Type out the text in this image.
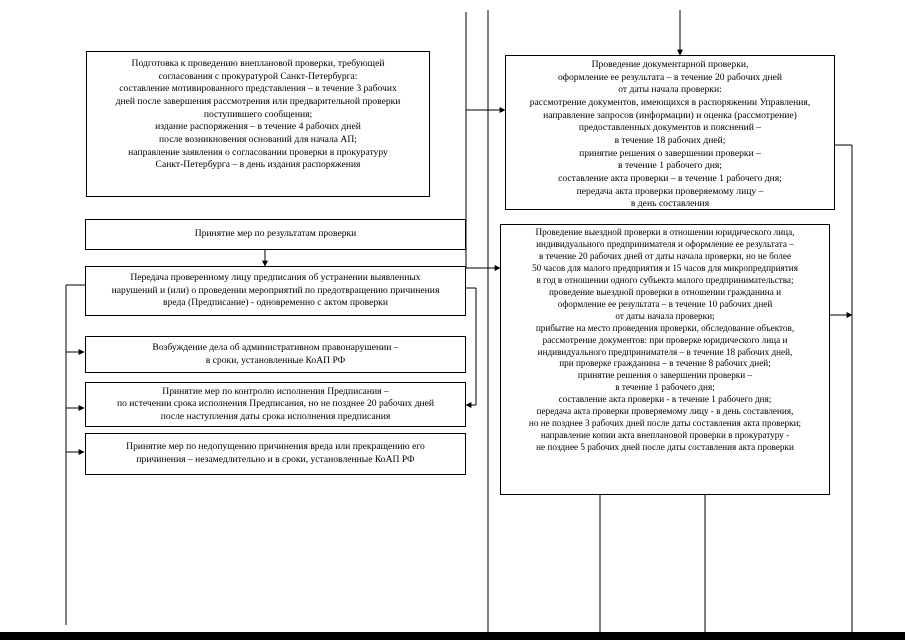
Подготовка к проведению внеплановой проверки, требующей
согласования с прокуратурой Санкт-Петербурга:
составление мотивированного представления – в течение 3 рабочих
дней после завершения рассмотрения или предварительной проверки
поступившего сообщения;
издание распоряжения – в течение 4 рабочих дней
после возникновения оснований для начала АП;
направление заявления о согласовании проверки в прокуратуру
Санкт-Петербурга – в день издания распоряжения
Проведение документарной проверки,
оформление ее результата – в течение 20 рабочих дней
от даты начала проверки:
рассмотрение документов, имеющихся в распоряжении Управления,
направление запросов (информации) и оценка (рассмотрение)
предоставленных документов и пояснений –
в течение 18 рабочих дней;
принятие решения о завершении проверки –
в течение 1 рабочего дня;
составление акта проверки – в течение 1 рабочего дня;
передача акта проверки проверяемому лицу –
в день составления
Принятие мер по результатам проверки	Проведение выездной проверки в отношении юридического лица,
индивидуального предпринимателя и оформление ее результата –
в течение 20 рабочих дней от даты начала проверки, но не более
50 часов для малого предприятия и 15 часов для микропредприятия
в год в отношении одного субъекта малого предпринимательства;
проведение выездной проверки в отношении гражданина и
оформление ее результата – в течение 10 рабочих дней
от даты начала проверки;
прибытие на место проведения проверки, обследование объектов,
рассмотрение документов: при проверке юридического лица и
индивидуального предпринимателя – в течение 18 рабочих дней,
при проверке гражданина – в течение 8 рабочих дней;
принятие решения о завершении проверки –
в течение 1 рабочего дня;
составление акта проверки - в течение 1 рабочего дня;
передача акта проверки проверяемому лицу - в день составления,
но не позднее 3 рабочих дней после даты составления акта проверки;
направление копии акта внеплановой проверки в прокуратуру -
не позднее 5 рабочих дней после даты составления акта проверки
Передача проверенному лицу предписания об устранении выявленных
нарушений и (или) о проведении мероприятий по предотвращению причинения
вреда (Предписание) - одновременно с актом проверки
Возбуждение дела об административном правонарушении –
в сроки, установленные КоАП РФ
Принятие мер по контролю исполнения Предписания –
по истечении срока исполнения Предписания, но не позднее 20 рабочих дней
после наступления даты срока исполнения предписания
Принятие мер по недопущению причинения вреда или прекращению его
причинения – незамедлительно и в сроки, установленные КоАП РФ
